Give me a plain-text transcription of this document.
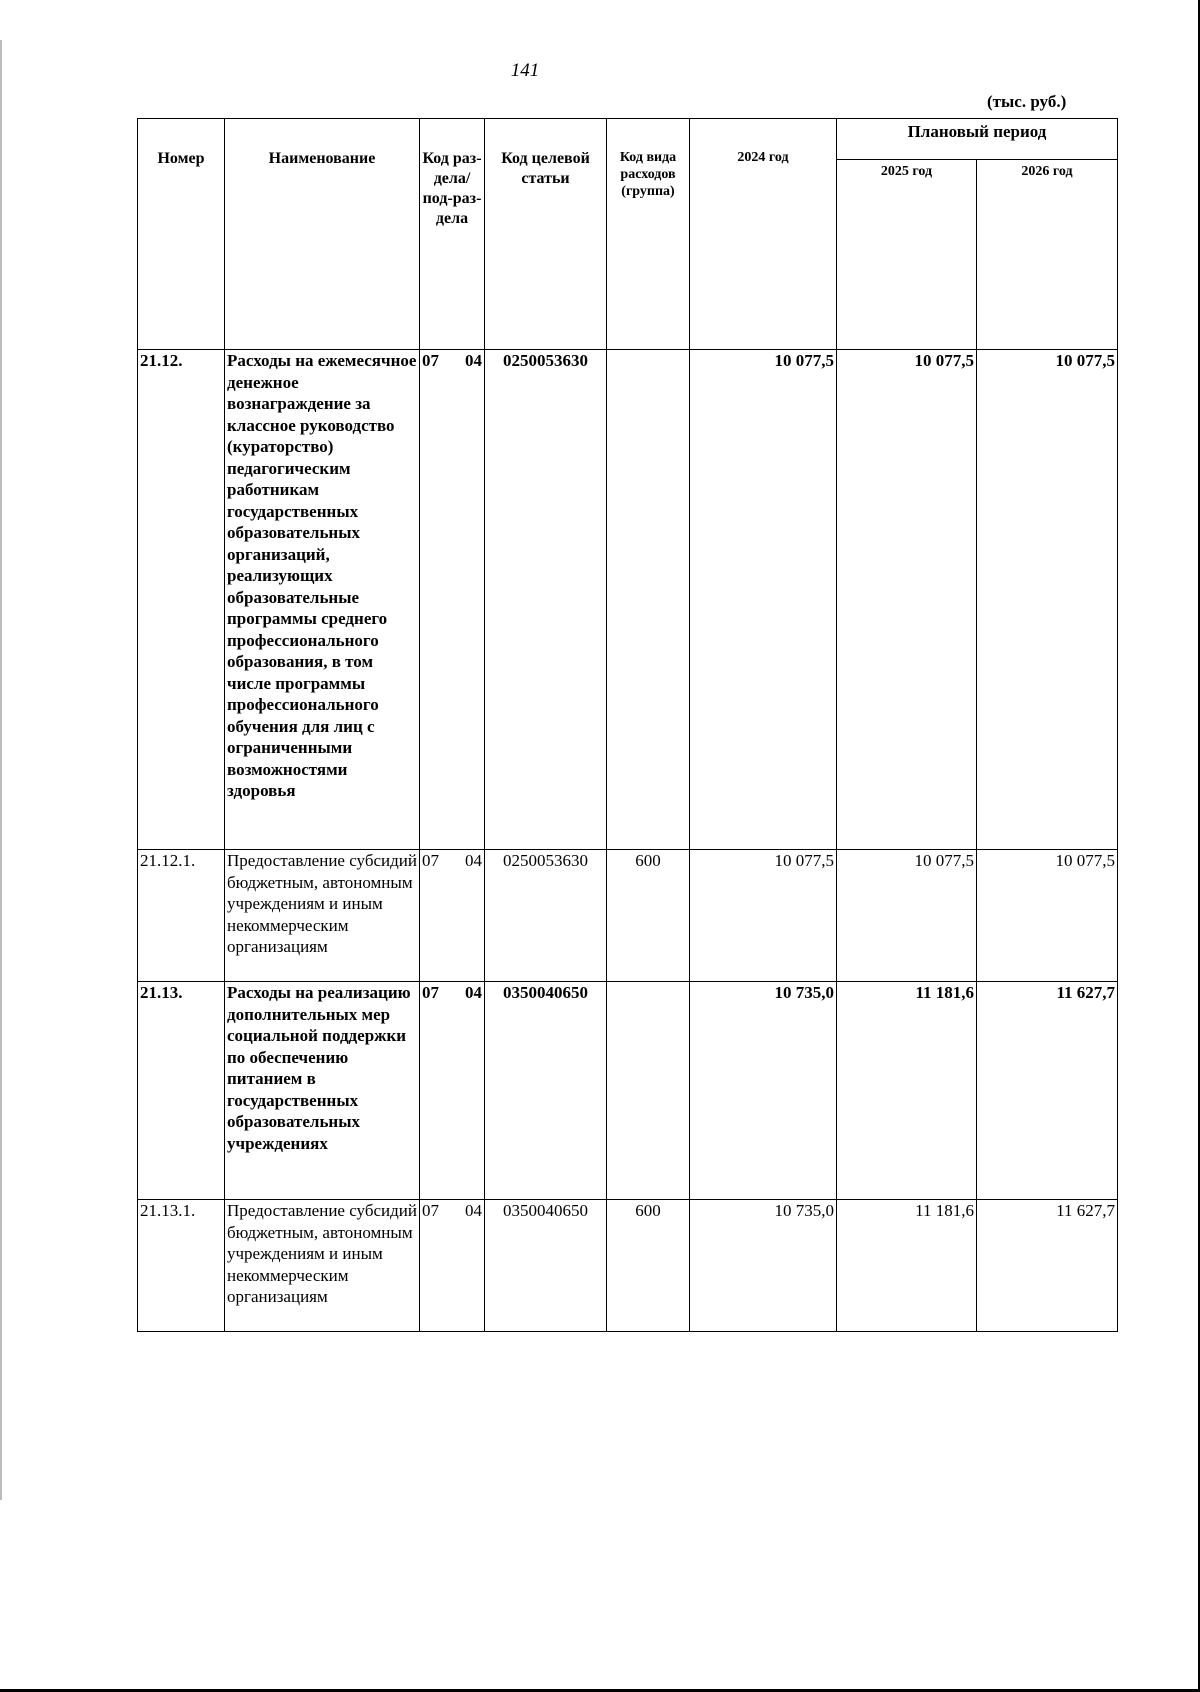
141
(тыс. руб.)
Номер	Наименование	Код раз-дела/ под-раз-дела	Код целевой статьи	Код вида расходов (группа)	2024 год	Плановый период	
						2025 год	2026 год
21.12.	Расходы на ежемесячное денежное вознаграждение за классное руководство (кураторство) педагогическим работникам государственных образовательных организаций, реализующих образовательные программы среднего профессионального образования, в том числе программы профессионального обучения для лиц с ограниченными возможностями здоровья	07 04	0250053630		10 077,5	10 077,5	10 077,5
21.12.1.	Предоставление субсидий бюджетным, автономным учреждениям и иным некоммерческим организациям	07 04	0250053630	600	10 077,5	10 077,5	10 077,5
21.13.	Расходы на реализацию дополнительных мер социальной поддержки по обеспечению питанием в государственных образовательных учреждениях	07 04	0350040650		10 735,0	11 181,6	11 627,7
21.13.1.	Предоставление субсидий бюджетным, автономным учреждениям и иным некоммерческим организациям	07 04	0350040650	600	10 735,0	11 181,6	11 627,7
